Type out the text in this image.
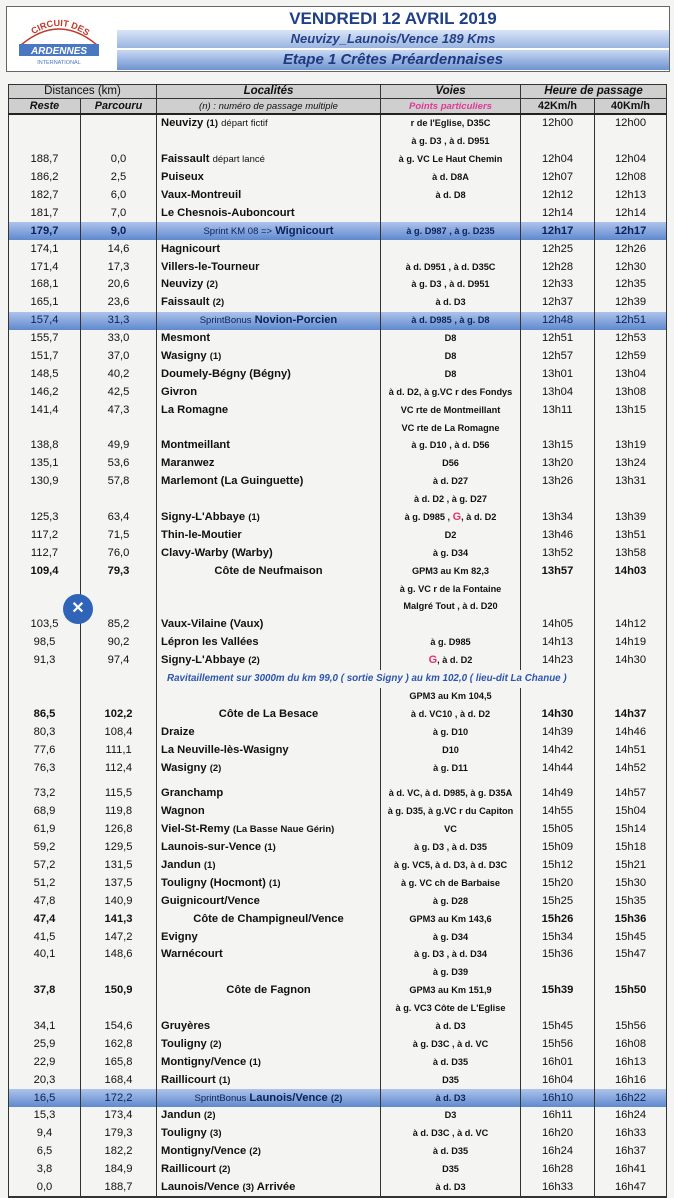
CIRCUIT DES
ARDENNES
INTERNATIONAL
VENDREDI 12 AVRIL 2019
Neuvizy_Launois/Vence 189 Kms
Etape 1 Crêtes Préardennaises
Distances (km)		Localités	Voies	Heure de passage	
Reste	Parcouru	(n) : numéro de passage multiple	Points particuliers	42Km/h	40Km/h
		Neuvizy (1) départ fictif	r de l'Eglise, D35C	12h00	12h00
			à g. D3 , à d. D951		
188,7	0,0	Faissault départ lancé	à g. VC Le Haut Chemin	12h04	12h04
186,2	2,5	Puiseux	à d. D8A	12h07	12h08
182,7	6,0	Vaux-Montreuil	à d. D8	12h12	12h13
181,7	7,0	Le Chesnois-Auboncourt		12h14	12h14
179,7	9,0	Sprint KM 08 => Wignicourt	à g. D987 , à g. D235	12h17	12h17
174,1	14,6	Hagnicourt		12h25	12h26
171,4	17,3	Villers-le-Tourneur	à d. D951 , à d. D35C	12h28	12h30
168,1	20,6	Neuvizy (2)	à g. D3 , à d. D951	12h33	12h35
165,1	23,6	Faissault (2)	à d. D3	12h37	12h39
157,4	31,3	SprintBonus Novion-Porcien	à d. D985 , à g. D8	12h48	12h51
155,7	33,0	Mesmont	D8	12h51	12h53
151,7	37,0	Wasigny (1)	D8	12h57	12h59
148,5	40,2	Doumely-Bégny (Bégny)	D8	13h01	13h04
146,2	42,5	Givron	à d. D2, à g.VC r des Fondys	13h04	13h08
141,4	47,3	La Romagne	VC rte de Montmeillant	13h11	13h15
			VC rte de La Romagne		
138,8	49,9	Montmeillant	à g. D10 , à d. D56	13h15	13h19
135,1	53,6	Maranwez	D56	13h20	13h24
130,9	57,8	Marlemont (La Guinguette)	à d. D27	13h26	13h31
			à d. D2 , à g. D27		
125,3	63,4	Signy-L'Abbaye (1)	à g. D985 , G, à d. D2	13h34	13h39
117,2	71,5	Thin-le-Moutier	D2	13h46	13h51
112,7	76,0	Clavy-Warby (Warby)	à g. D34	13h52	13h58
109,4	79,3	Côte de Neufmaison	GPM3 au Km 82,3	13h57	14h03
			à g. VC r de la Fontaine		
			Malgré Tout , à d. D20		
103,5	85,2	Vaux-Vilaine (Vaux)		14h05	14h12
98,5	90,2	Lépron les Vallées	à g. D985	14h13	14h19
91,3	97,4	Signy-L'Abbaye (2)	G, à d. D2	14h23	14h30
		Ravitaillement sur 3000m du km 99,0 ( sortie Signy ) au km 102,0 ( lieu-dit La Chanue )			
			GPM3 au Km 104,5		
86,5	102,2	Côte de La Besace	à d. VC10 , à d. D2	14h30	14h37
80,3	108,4	Draize	à g. D10	14h39	14h46
77,6	111,1	La Neuville-lès-Wasigny	D10	14h42	14h51
76,3	112,4	Wasigny (2)	à g. D11	14h44	14h52

73,2	115,5	Granchamp	à d. VC, à d. D985, à g. D35A	14h49	14h57
68,9	119,8	Wagnon	à g. D35, à g.VC r du Capiton	14h55	15h04
61,9	126,8	Viel-St-Remy (La Basse Naue Gérin)	VC	15h05	15h14
59,2	129,5	Launois-sur-Vence (1)	à g. D3 , à d. D35	15h09	15h18
57,2	131,5	Jandun (1)	à g. VC5, à d. D3, à d. D3C	15h12	15h21
51,2	137,5	Touligny (Hocmont) (1)	à g. VC ch de Barbaise	15h20	15h30
47,8	140,9	Guignicourt/Vence	à g. D28	15h25	15h35
47,4	141,3	Côte de Champigneul/Vence	GPM3 au Km 143,6	15h26	15h36
41,5	147,2	Evigny	à g. D34	15h34	15h45
40,1	148,6	Warnécourt	à g. D3 , à d. D34	15h36	15h47
			à g. D39		
37,8	150,9	Côte de Fagnon	GPM3 au Km 151,9	15h39	15h50
			à g. VC3 Côte de L'Eglise		
34,1	154,6	Gruyères	à d. D3	15h45	15h56
25,9	162,8	Touligny (2)	à g. D3C , à d. VC	15h56	16h08
22,9	165,8	Montigny/Vence (1)	à d. D35	16h01	16h13
20,3	168,4	Raillicourt (1)	D35	16h04	16h16
16,5	172,2	SprintBonus Launois/Vence (2)	à d. D3	16h10	16h22
15,3	173,4	Jandun (2)	D3	16h11	16h24
9,4	179,3	Touligny (3)	à d. D3C , à d. VC	16h20	16h33
6,5	182,2	Montigny/Vence (2)	à d. D35	16h24	16h37
3,8	184,9	Raillicourt (2)	D35	16h28	16h41
0,0	188,7	Launois/Vence (3) Arrivée	à d. D3	16h33	16h47
✕
